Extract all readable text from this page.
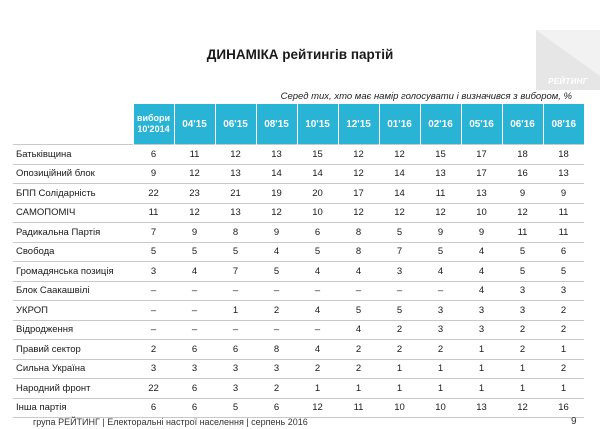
ДИНАМІКА рейтингів партій
РЕЙТИНГ
Серед тих, хто має намір голосувати і визначився з вибором, %
	вибори 10'2014	04'15	06'15	08'15	10'15	12'15	01'16	02'16	05'16	06'16	08'16
Батьківщина	6	11	12	13	15	12	12	15	17	18	18
Опозиційний блок	9	12	13	14	14	12	14	13	17	16	13
БПП Солідарність	22	23	21	19	20	17	14	11	13	9	9
САМОПОМІЧ	11	12	13	12	10	12	12	12	10	12	11
Радикальна Партія	7	9	8	9	6	8	5	9	9	11	11
Свобода	5	5	5	4	5	8	7	5	4	5	6
Громадянська позиція	3	4	7	5	4	4	3	4	4	5	5
Блок Саакашвілі	–	–	–	–	–	–	–	–	4	3	3
УКРОП	–	–	1	2	4	5	5	3	3	3	2
Відродження	–	–	–	–	–	4	2	3	3	2	2
Правий сектор	2	6	6	8	4	2	2	2	1	2	1
Сильна Україна	3	3	3	3	2	2	1	1	1	1	2
Народний фронт	22	6	3	2	1	1	1	1	1	1	1
Інша партія	6	6	5	6	12	11	10	10	13	12	16
група РЕЙТИНГ | Електоральні настрої населення | серпень 2016	9
